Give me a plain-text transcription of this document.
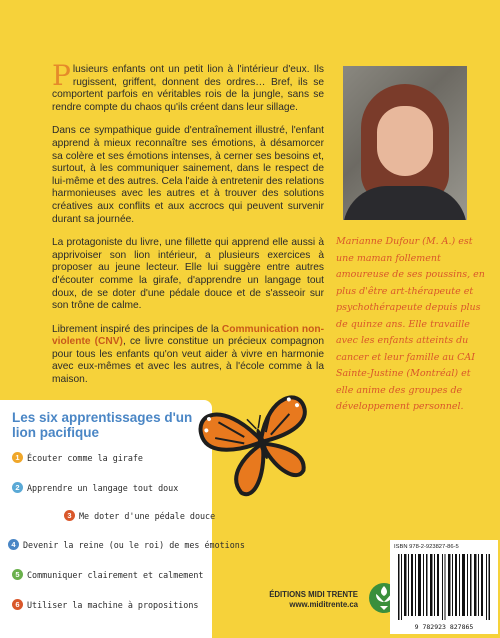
Plusieurs enfants ont un petit lion à l'intérieur d'eux. Ils rugissent, griffent, donnent des ordres… Bref, ils se comportent parfois en véritables rois de la jungle, sans se rendre compte du chaos qu'ils créent dans leur sillage.

Dans ce sympathique guide d'entraînement illustré, l'enfant apprend à mieux reconnaître ses émotions, à désamorcer sa colère et ses émotions intenses, à cerner ses besoins et, surtout, à les communiquer sainement, dans le respect de lui-même et des autres. Cela l'aide à entretenir des relations harmonieuses avec les autres et à trouver des solutions créatives aux conflits et aux accrocs qui peuvent survenir durant sa journée.

La protagoniste du livre, une fillette qui apprend elle aussi à apprivoiser son lion intérieur, a plusieurs exercices à proposer au jeune lecteur. Elle lui suggère entre autres d'écouter comme la girafe, d'apprendre un langage tout doux, de se doter d'une pédale douce et de s'asseoir sur son trône de calme.

Librement inspiré des principes de la Communication non-violente (CNV), ce livre constitue un précieux compagnon pour tous les enfants qu'on veut aider à vivre en harmonie avec eux-mêmes et avec les autres, à l'école comme à la maison.

Marianne Dufour (M. A.) est une maman follement amoureuse de ses poussins, en plus d'être art-thérapeute et psychothérapeute depuis plus de quinze ans. Elle travaille avec les enfants atteints du cancer et leur famille au CAI Sainte-Justine (Montréal) et elle anime des groupes de développement personnel.
Les six apprentissages d'un lion pacifique
1 Écouter comme la girafe
2 Apprendre un langage tout doux
3 Me doter d'une pédale douce
4 Devenir la reine (ou le roi) de mes émotions
5 Communiquer clairement et calmement
6 Utiliser la machine à propositions
ÉDITIONS MIDI TRENTE
www.miditrente.ca
ISBN 978-2-923827-86-5
9 782923 827865
